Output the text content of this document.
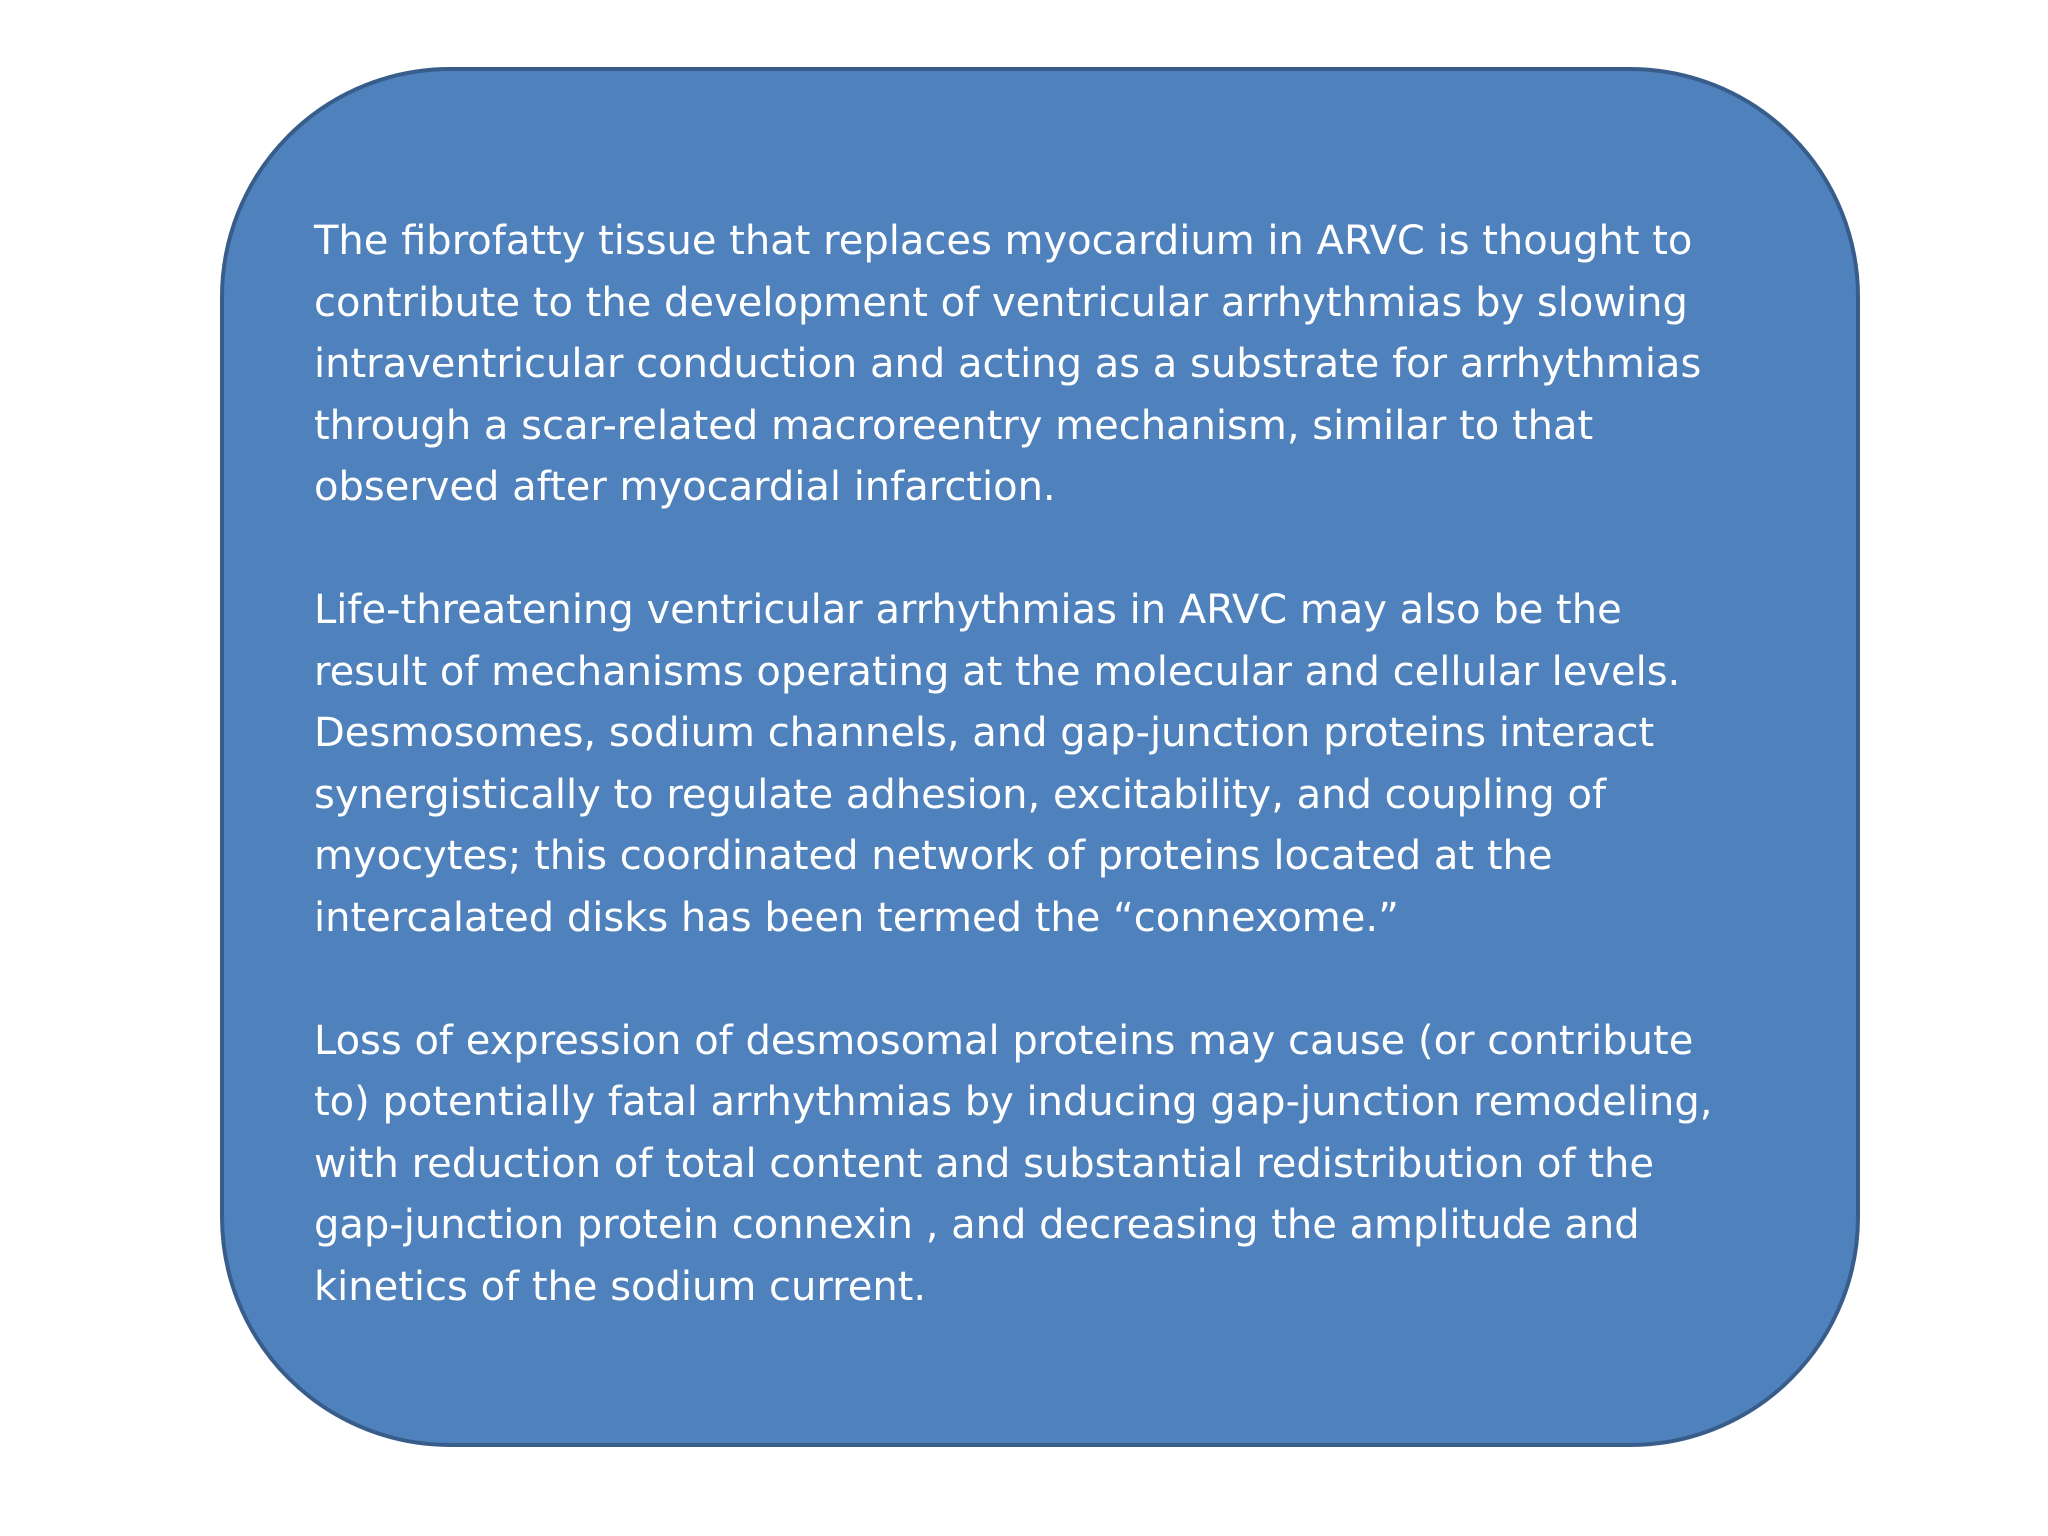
The fibrofatty tissue that replaces myocardium in ARVC is thought to
contribute to the development of ventricular arrhythmias by slowing
intraventricular conduction and acting as a substrate for arrhythmias
through a scar-related macroreentry mechanism, similar to that
observed after myocardial infarction.

Life-threatening ventricular arrhythmias in ARVC may also be the
result of mechanisms operating at the molecular and cellular levels.
Desmosomes, sodium channels, and gap-junction proteins interact
synergistically to regulate adhesion, excitability, and coupling of
myocytes; this coordinated network of proteins located at the
intercalated disks has been termed the “connexome.”

Loss of expression of desmosomal proteins may cause (or contribute
to) potentially fatal arrhythmias by inducing gap-junction remodeling,
with reduction of total content and substantial redistribution of the
gap-junction protein connexin , and decreasing the amplitude and
kinetics of the sodium current.
